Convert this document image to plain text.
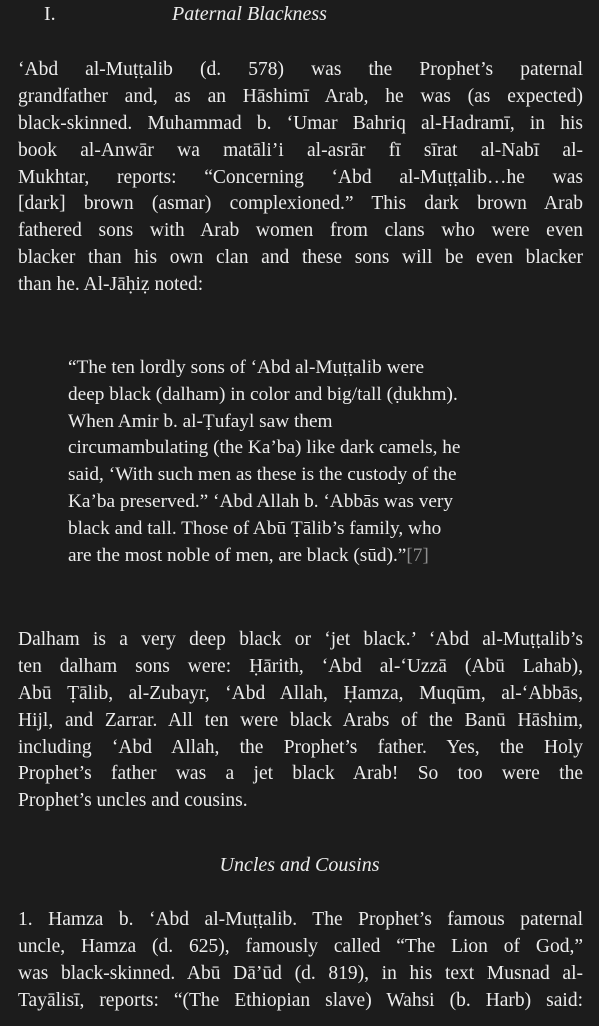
I.	Paternal Blackness
‘Abd al-Muṭṭalib (d. 578) was the Prophet’s paternal
grandfather and, as an Hāshimī Arab, he was (as expected)
black-skinned. Muhammad b. ‘Umar Bahriq al-Hadramī, in his
book al-Anwār wa matāli’i al-asrār fī sīrat al-Nabī al-
Mukhtar, reports: “Concerning ‘Abd al-Muṭṭalib…he was
[dark] brown (asmar) complexioned.” This dark brown Arab
fathered sons with Arab women from clans who were even
blacker than his own clan and these sons will be even blacker
than he. Al-Jāḥiẓ noted:
“The ten lordly sons of ‘Abd al-Muṭṭalib were
deep black (dalham) in color and big/tall (ḍukhm).
When Amir b. al-Ṭufayl saw them
circumambulating (the Ka’ba) like dark camels, he
said, ‘With such men as these is the custody of the
Ka’ba preserved.” ‘Abd Allah b. ‘Abbās was very
black and tall. Those of Abū Ṭālib’s family, who
are the most noble of men, are black (sūd).”[7]
Dalham is a very deep black or ‘jet black.’ ‘Abd al-Muṭṭalib’s
ten dalham sons were: Ḥārith, ‘Abd al-‘Uzzā (Abū Lahab),
Abū Ṭālib, al-Zubayr, ‘Abd Allah, Ḥamza, Muqūm, al-‘Abbās,
Hijl, and Zarrar. All ten were black Arabs of the Banū Hāshim,
including ‘Abd Allah, the Prophet’s father. Yes, the Holy
Prophet’s father was a jet black Arab! So too were the
Prophet’s uncles and cousins.
Uncles and Cousins
1. Hamza b. ‘Abd al-Muṭṭalib. The Prophet’s famous paternal
uncle, Hamza (d. 625), famously called “The Lion of God,”
was black-skinned. Abū Dā’ūd (d. 819), in his text Musnad al-
Tayālisī, reports: “(The Ethiopian slave) Wahsi (b. Harb) said:
